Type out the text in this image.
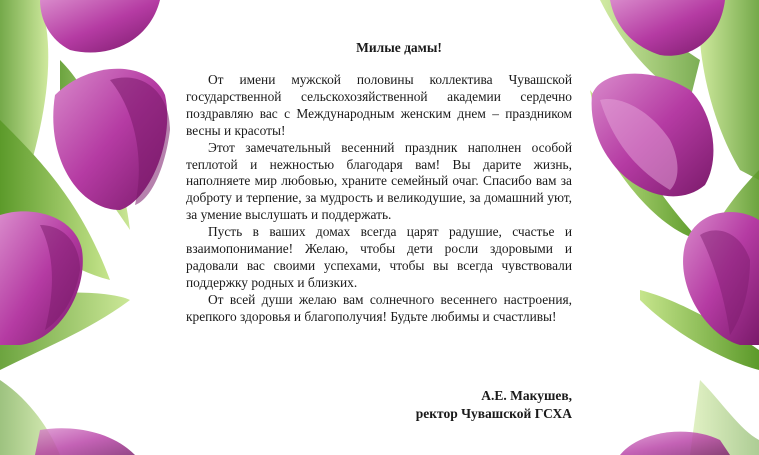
Милые дамы!

От имени мужской половины коллектива Чувашской государственной сельскохозяйственной академии сердечно поздравляю вас с Международным женским днем – праздником весны и красоты!

Этот замечательный весенний праздник наполнен особой теплотой и нежностью благодаря вам! Вы дарите жизнь, наполняете мир любовью, храните семейный очаг. Спасибо вам за доброту и терпение, за мудрость и великодушие, за домашний уют, за умение выслушать и поддержать.

Пусть в ваших домах всегда царят радушие, счастье и взаимопонимание! Желаю, чтобы дети росли здоровыми и радовали вас своими успехами, чтобы вы всегда чувствовали поддержку родных и близких.

От всей души желаю вам солнечного весеннего настроения, крепкого здоровья и благополучия! Будьте любимы и счастливы!

А.Е. Макушев,
ректор Чувашской ГСХА
